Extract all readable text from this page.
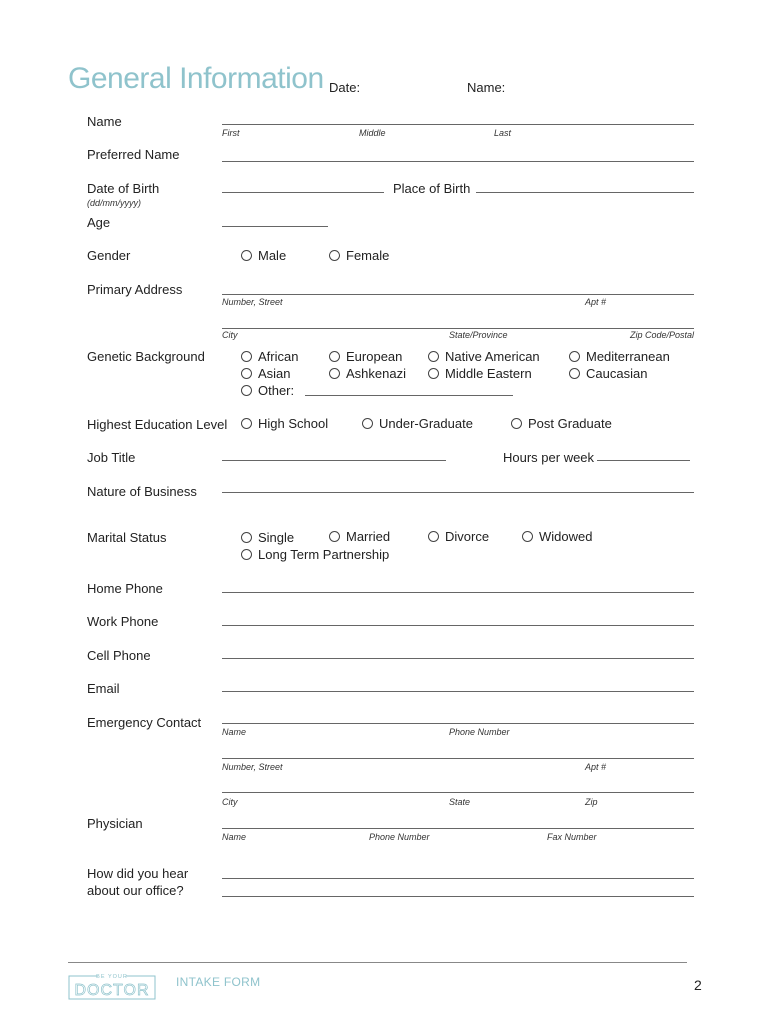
General Information Date:	Name:
Name
First	Middle	Last
Preferred Name
Date of Birth
(dd/mm/yyyy)
Place of Birth
Age
Gender	Male	Female
Primary Address
Number, Street	Apt #
City	State/Province	Zip Code/Postal
Genetic Background	African	European	Native American	Mediterranean
Asian	Ashkenazi	Middle Eastern	Caucasian
Other:
Highest Education Level High School	Under-Graduate	Post Graduate
Job Title	Hours per week
Nature of Business
Marital Status	Single	Married	Divorce	Widowed
Long Term Partnership
Home Phone
Work Phone
Cell Phone
Email
Emergency Contact
Name	Phone Number
Number, Street	Apt #
City	State	Zip
Physician
Name	Phone Number	Fax Number
How did you hear
about our office?
BE YOUR
DOCTOR INTAKE FORM	2
